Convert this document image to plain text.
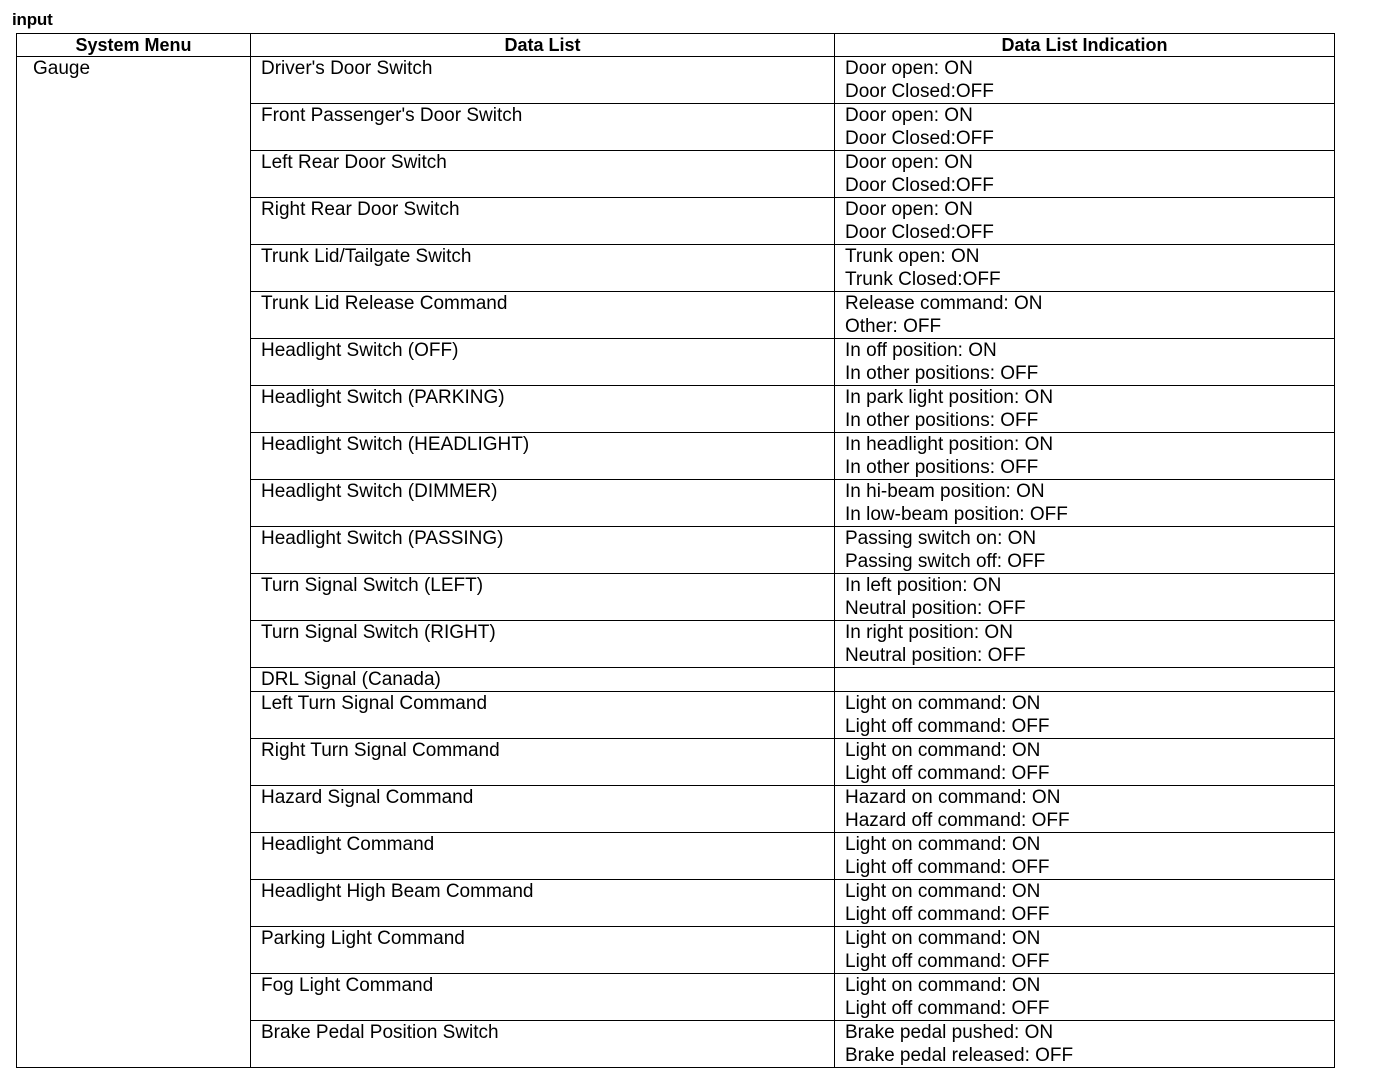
input
System Menu	Data List	Data List Indication
Gauge	Driver's Door Switch	Door open: ON
Door Closed:OFF

	Front Passenger's Door Switch	Door open: ON
Door Closed:OFF

	Left Rear Door Switch	Door open: ON
Door Closed:OFF

	Right Rear Door Switch	Door open: ON
Door Closed:OFF

	Trunk Lid/Tailgate Switch	Trunk open: ON
Trunk Closed:OFF

	Trunk Lid Release Command	Release command: ON
Other: OFF

	Headlight Switch (OFF)	In off position: ON
In other positions: OFF

	Headlight Switch (PARKING)	In park light position: ON
In other positions: OFF

	Headlight Switch (HEADLIGHT)	In headlight position: ON
In other positions: OFF

	Headlight Switch (DIMMER)	In hi-beam position: ON
In low-beam position: OFF

	Headlight Switch (PASSING)	Passing switch on: ON
Passing switch off: OFF

	Turn Signal Switch (LEFT)	In left position: ON
Neutral position: OFF

	Turn Signal Switch (RIGHT)	In right position: ON
Neutral position: OFF

	DRL Signal (Canada)	
	Left Turn Signal Command	Light on command: ON
Light off command: OFF

	Right Turn Signal Command	Light on command: ON
Light off command: OFF

	Hazard Signal Command	Hazard on command: ON
Hazard off command: OFF

	Headlight Command	Light on command: ON
Light off command: OFF

	Headlight High Beam Command	Light on command: ON
Light off command: OFF

	Parking Light Command	Light on command: ON
Light off command: OFF

	Fog Light Command	Light on command: ON
Light off command: OFF

	Brake Pedal Position Switch	Brake pedal pushed: ON
Brake pedal released: OFF
